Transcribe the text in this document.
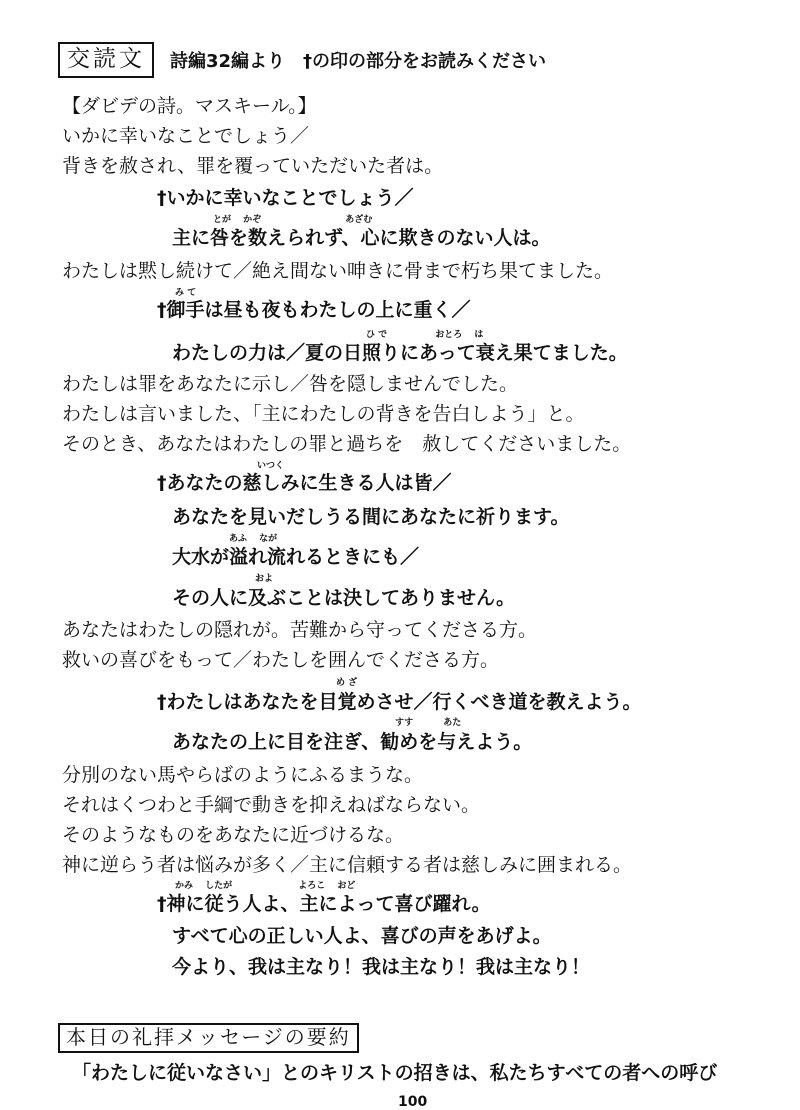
交読文	詩編32編より　†の印の部分をお読みください
【ダビデの詩。マスキール。】
いかに幸いなことでしょう／
背きを赦され、罪を覆っていただいた者は。
†いかに幸いなことでしょう／
とが　 かぞ　　　　　　　　　 あざむ
主に咎を数えられず、心に欺きのない人は。
わたしは黙し続けて／絶え間ない呻きに骨まで朽ち果てました。
み て
†御手は昼も夜もわたしの上に重く／
ひ で　　　　　 おとろ　 は
わたしの力は／夏の日照りにあって衰え果てました。
わたしは罪をあなたに示し／咎を隠しませんでした。
わたしは言いました、「主にわたしの背きを告白しよう」と。
そのとき、あなたはわたしの罪と過ちを　赦してくださいました。
いつく
†あなたの慈しみに生きる人は皆／
あなたを見いだしうる間にあなたに祈ります。
あふ　 なが
大水が溢れ流れるときにも／
およ
その人に及ぶことは決してありません。
あなたはわたしの隠れが。苦難から守ってくださる方。
救いの喜びをもって／わたしを囲んでくださる方。
め ざ
†わたしはあなたを目覚めさせ／行くべき道を教えよう。
すす　　　 あた
あなたの上に目を注ぎ、勧めを与えよう。
分別のない馬やらばのようにふるまうな。
それはくつわと手綱で動きを抑えねばならない。
そのようなものをあなたに近づけるな。
神に逆らう者は悩みが多く／主に信頼する者は慈しみに囲まれる。
かみ　 したが　　　　　　　 よろこ　 おど
†神に従う人よ、主によって喜び躍れ。
すべて心の正しい人よ、喜びの声をあげよ。
今より、我は主なり！我は主なり！我は主なり！
本日の礼拝メッセージの要約
「わたしに従いなさい」とのキリストの招きは、私たちすべての者への呼び
100
